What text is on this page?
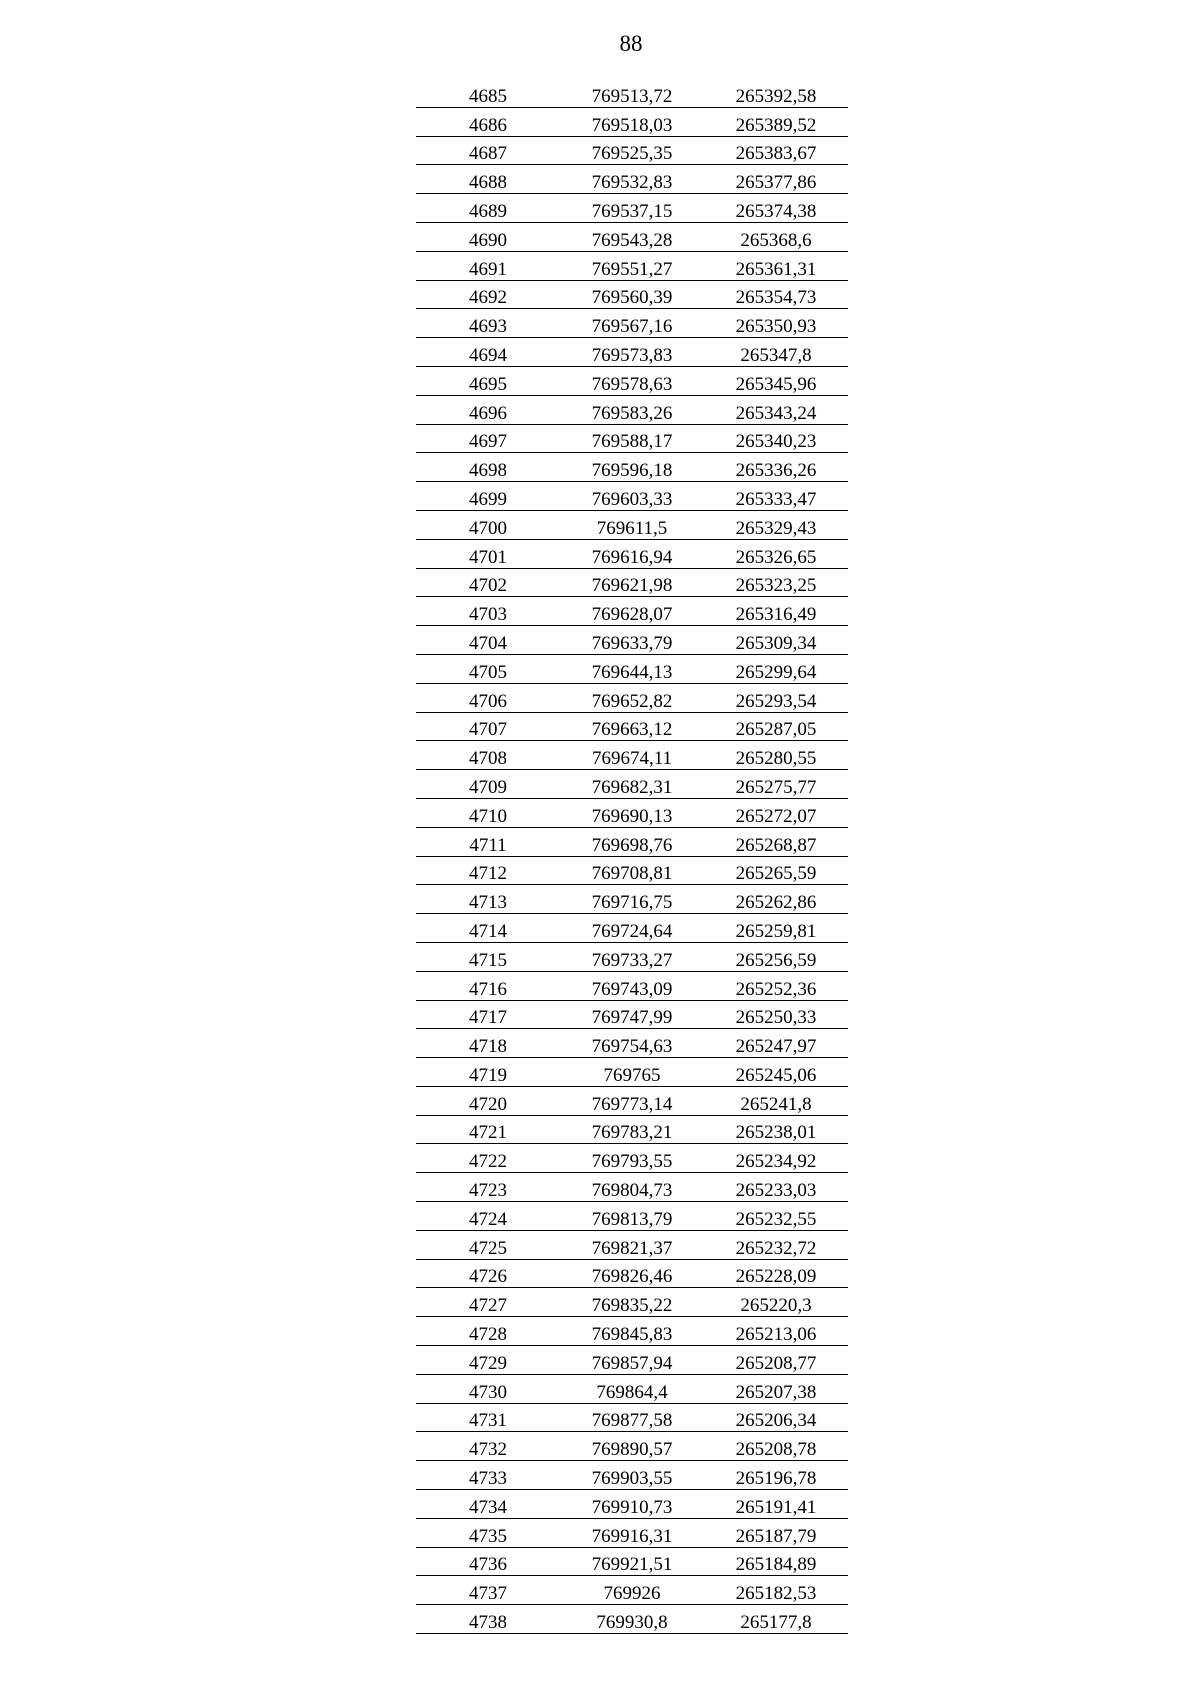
88
4685	769513,72	265392,58
4686	769518,03	265389,52
4687	769525,35	265383,67
4688	769532,83	265377,86
4689	769537,15	265374,38
4690	769543,28	265368,6
4691	769551,27	265361,31
4692	769560,39	265354,73
4693	769567,16	265350,93
4694	769573,83	265347,8
4695	769578,63	265345,96
4696	769583,26	265343,24
4697	769588,17	265340,23
4698	769596,18	265336,26
4699	769603,33	265333,47
4700	769611,5	265329,43
4701	769616,94	265326,65
4702	769621,98	265323,25
4703	769628,07	265316,49
4704	769633,79	265309,34
4705	769644,13	265299,64
4706	769652,82	265293,54
4707	769663,12	265287,05
4708	769674,11	265280,55
4709	769682,31	265275,77
4710	769690,13	265272,07
4711	769698,76	265268,87
4712	769708,81	265265,59
4713	769716,75	265262,86
4714	769724,64	265259,81
4715	769733,27	265256,59
4716	769743,09	265252,36
4717	769747,99	265250,33
4718	769754,63	265247,97
4719	769765	265245,06
4720	769773,14	265241,8
4721	769783,21	265238,01
4722	769793,55	265234,92
4723	769804,73	265233,03
4724	769813,79	265232,55
4725	769821,37	265232,72
4726	769826,46	265228,09
4727	769835,22	265220,3
4728	769845,83	265213,06
4729	769857,94	265208,77
4730	769864,4	265207,38
4731	769877,58	265206,34
4732	769890,57	265208,78
4733	769903,55	265196,78
4734	769910,73	265191,41
4735	769916,31	265187,79
4736	769921,51	265184,89
4737	769926	265182,53
4738	769930,8	265177,8
